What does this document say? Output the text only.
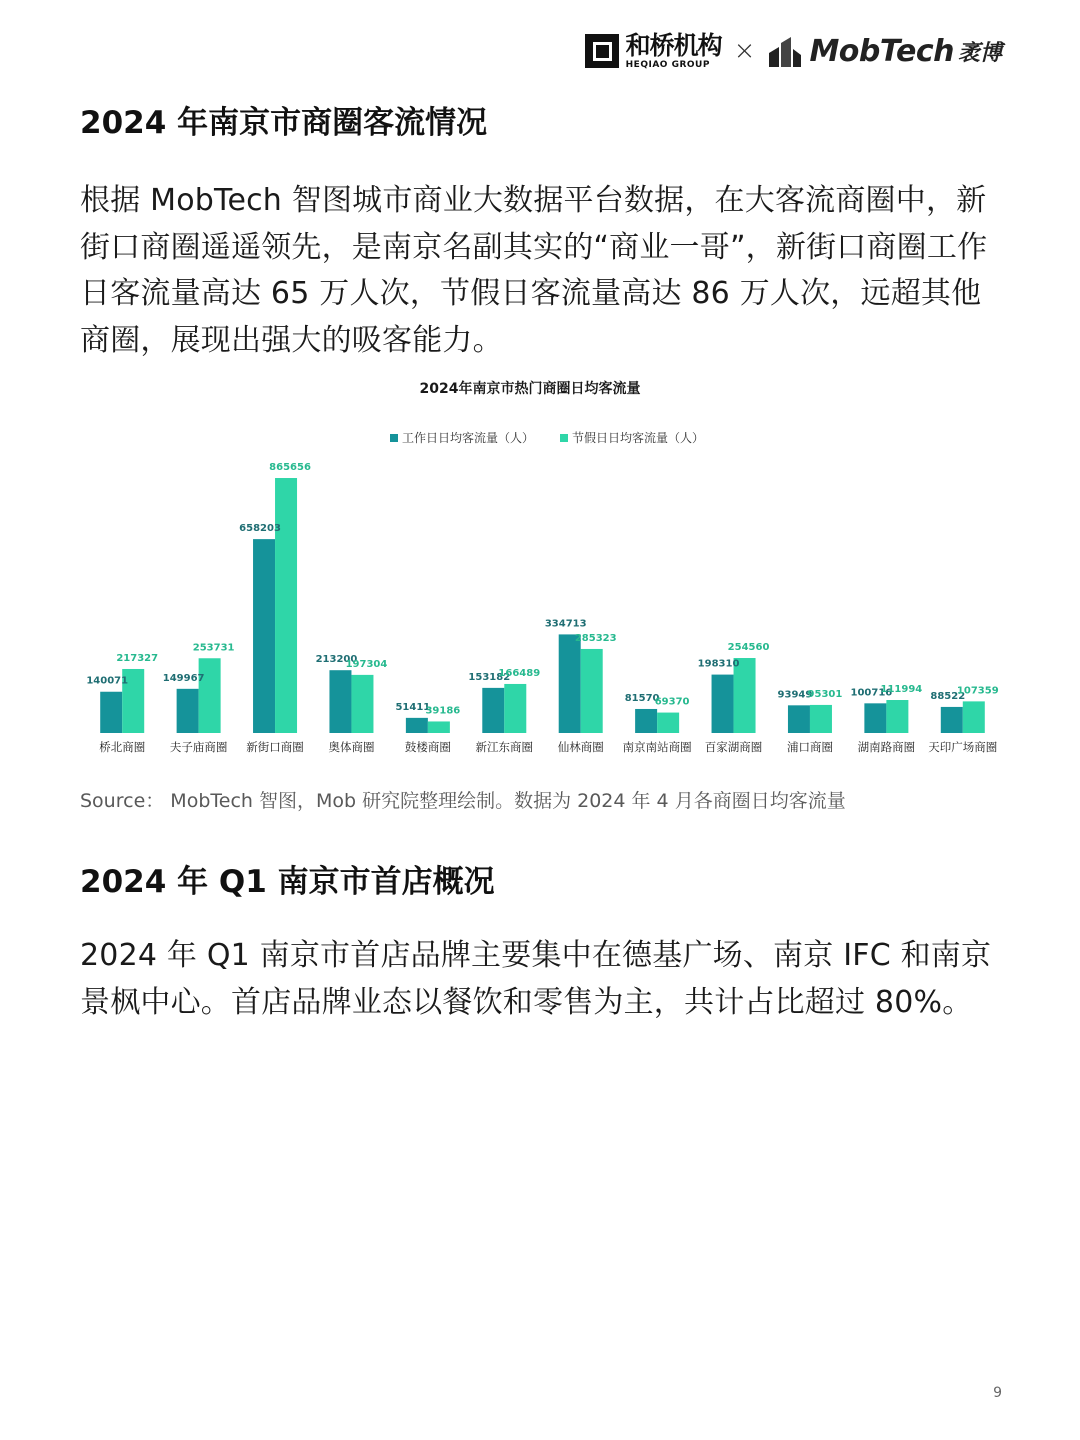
和桥机构
HEQIAO GROUP × MobTech 袤博
2024 年南京市商圈客流情况

根据 MobTech 智图城市商业大数据平台数据，在大客流商圈中，新街口商圈遥遥领先，是南京名副其实的“商业一哥”，新街口商圈工作日客流量高达 65 万人次，节假日客流量高达 86 万人次，远超其他商圈，展现出强大的吸客能力。

2024年南京市热门商圈日均客流量
工作日日均客流量（人）	节假日日均客流量（人）
140071
217327
149967
253731
658203
865656
213200
197304
51411
39186
153182
166489
334713
285323
81570
69370
198310
254560
93949
95301 100716
111994
88522
107359
桥北商圈 夫子庙商圈 新街口商圈 奥体商圈	鼓楼商圈 新江东商圈 仙林商圈 南京南站商圈 百家湖商圈 浦口商圈 湖南路商圈 天印广场商圈
Source： MobTech 智图，Mob 研究院整理绘制。数据为 2024 年 4 月各商圈日均客流量
2024 年 Q1 南京市首店概况

2024 年 Q1 南京市首店品牌主要集中在德基广场、南京 IFC 和南京景枫中心。首店品牌业态以餐饮和零售为主，共计占比超过 80%。

9
